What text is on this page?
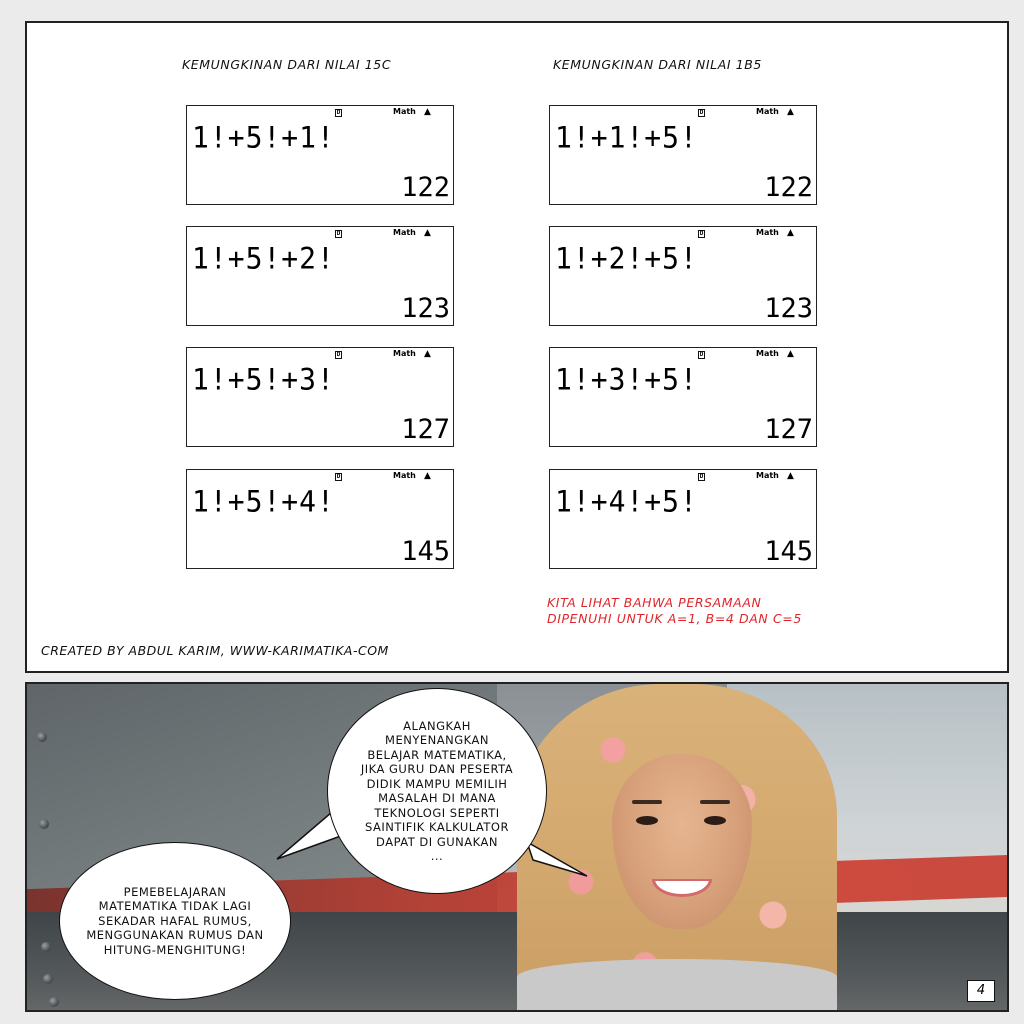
KEMUNGKINAN DARI NILAI 15C	KEMUNGKINAN DARI NILAI 1B5
D	Math ▲
1!+5!+1!
122
D	Math ▲
1!+5!+2!
123
D	Math ▲
1!+5!+3!
127
D	Math ▲
1!+5!+4!
145
D	Math ▲
1!+1!+5!
122
D	Math ▲
1!+2!+5!
123
D	Math ▲
1!+3!+5!
127
D	Math ▲
1!+4!+5!
145
KITA LIHAT BAHWA PERSAMAAN
DIPENUHI UNTUK A=1, B=4 DAN C=5
CREATED BY ABDUL KARIM, WWW-KARIMATIKA-COM
ALANGKAH
MENYENANGKAN
BELAJAR MATEMATIKA,
JIKA GURU DAN PESERTA
DIDIK MAMPU MEMILIH
MASALAH DI MANA
TEKNOLOGI SEPERTI
SAINTIFIK KALKULATOR
DAPAT DI GUNAKAN
...
PEMEBELAJARAN
MATEMATIKA TIDAK LAGI
SEKADAR HAFAL RUMUS,
MENGGUNAKAN RUMUS DAN
HITUNG-MENGHITUNG!
4
